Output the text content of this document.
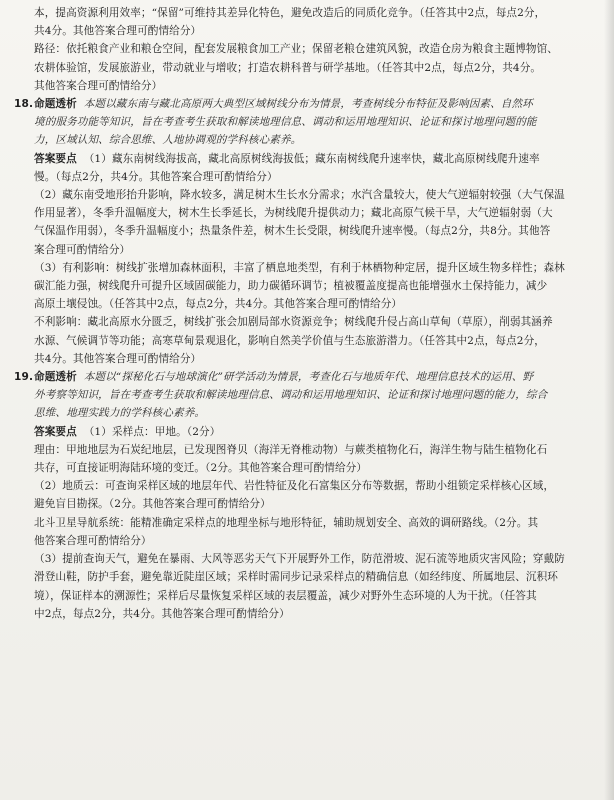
本，提高资源利用效率；“保留”可维持其差异化特色，避免改造后的同质化竞争。（任答其中2点，每点2分，

共4分。其他答案合理可酌情给分）

路径：依托粮食产业和粮仓空间，配套发展粮食加工产业；保留老粮仓建筑风貌，改造仓房为粮食主题博物馆、

农耕体验馆，发展旅游业，带动就业与增收；打造农耕科普与研学基地。（任答其中2点，每点2分，共4分。

其他答案合理可酌情给分）

18. 命题透析 本题以藏东南与藏北高原两大典型区域树线分布为情景，考查树线分布特征及影响因素、自然环

境的服务功能等知识，旨在考查考生获取和解读地理信息、调动和运用地理知识、论证和探讨地理问题的能

力，区域认知、综合思维、人地协调观的学科核心素养。

答案要点 （1）藏东南树线海拔高，藏北高原树线海拔低；藏东南树线爬升速率快，藏北高原树线爬升速率

慢。（每点2分，共4分。其他答案合理可酌情给分）

（2）藏东南受地形抬升影响，降水较多，满足树木生长水分需求；水汽含量较大，使大气逆辐射较强（大气保温

作用显著），冬季升温幅度大，树木生长季延长，为树线爬升提供动力；藏北高原气候干旱，大气逆辐射弱（大

气保温作用弱），冬季升温幅度小；热量条件差，树木生长受限，树线爬升速率慢。（每点2分，共8分。其他答

案合理可酌情给分）

（3）有利影响：树线扩张增加森林面积，丰富了栖息地类型，有利于林栖物种定居，提升区域生物多样性；森林

碳汇能力强，树线爬升可提升区域固碳能力，助力碳循环调节；植被覆盖度提高也能增强水土保持能力，减少

高原土壤侵蚀。（任答其中2点，每点2分，共4分。其他答案合理可酌情给分）

不利影响：藏北高原水分匮乏，树线扩张会加剧局部水资源竞争；树线爬升侵占高山草甸（草原），削弱其涵养

水源、气候调节等功能；高寒草甸景观退化，影响自然美学价值与生态旅游潜力。（任答其中2点，每点2分，

共4分。其他答案合理可酌情给分）

19. 命题透析 本题以“探秘化石与地球演化”研学活动为情景，考查化石与地质年代、地理信息技术的运用、野

外考察等知识，旨在考查考生获取和解读地理信息、调动和运用地理知识、论证和探讨地理问题的能力，综合

思维、地理实践力的学科核心素养。

答案要点 （1）采样点：甲地。（2分）

理由：甲地地层为石炭纪地层，已发现图脊贝（海洋无脊椎动物）与蕨类植物化石，海洋生物与陆生植物化石

共存，可直接证明海陆环境的变迁。（2分。其他答案合理可酌情给分）

（2）地质云：可查询采样区域的地层年代、岩性特征及化石富集区分布等数据，帮助小组锁定采样核心区域，

避免盲目勘探。（2分。其他答案合理可酌情给分）

北斗卫星导航系统：能精准确定采样点的地理坐标与地形特征，辅助规划安全、高效的调研路线。（2分。其

他答案合理可酌情给分）

（3）提前查询天气，避免在暴雨、大风等恶劣天气下开展野外工作，防范滑坡、泥石流等地质灾害风险；穿戴防

滑登山鞋，防护手套，避免靠近陡崖区域；采样时需同步记录采样点的精确信息（如经纬度、所属地层、沉积环

境），保证样本的溯源性；采样后尽量恢复采样区域的表层覆盖，减少对野外生态环境的人为干扰。（任答其

中2点，每点2分，共4分。其他答案合理可酌情给分）
